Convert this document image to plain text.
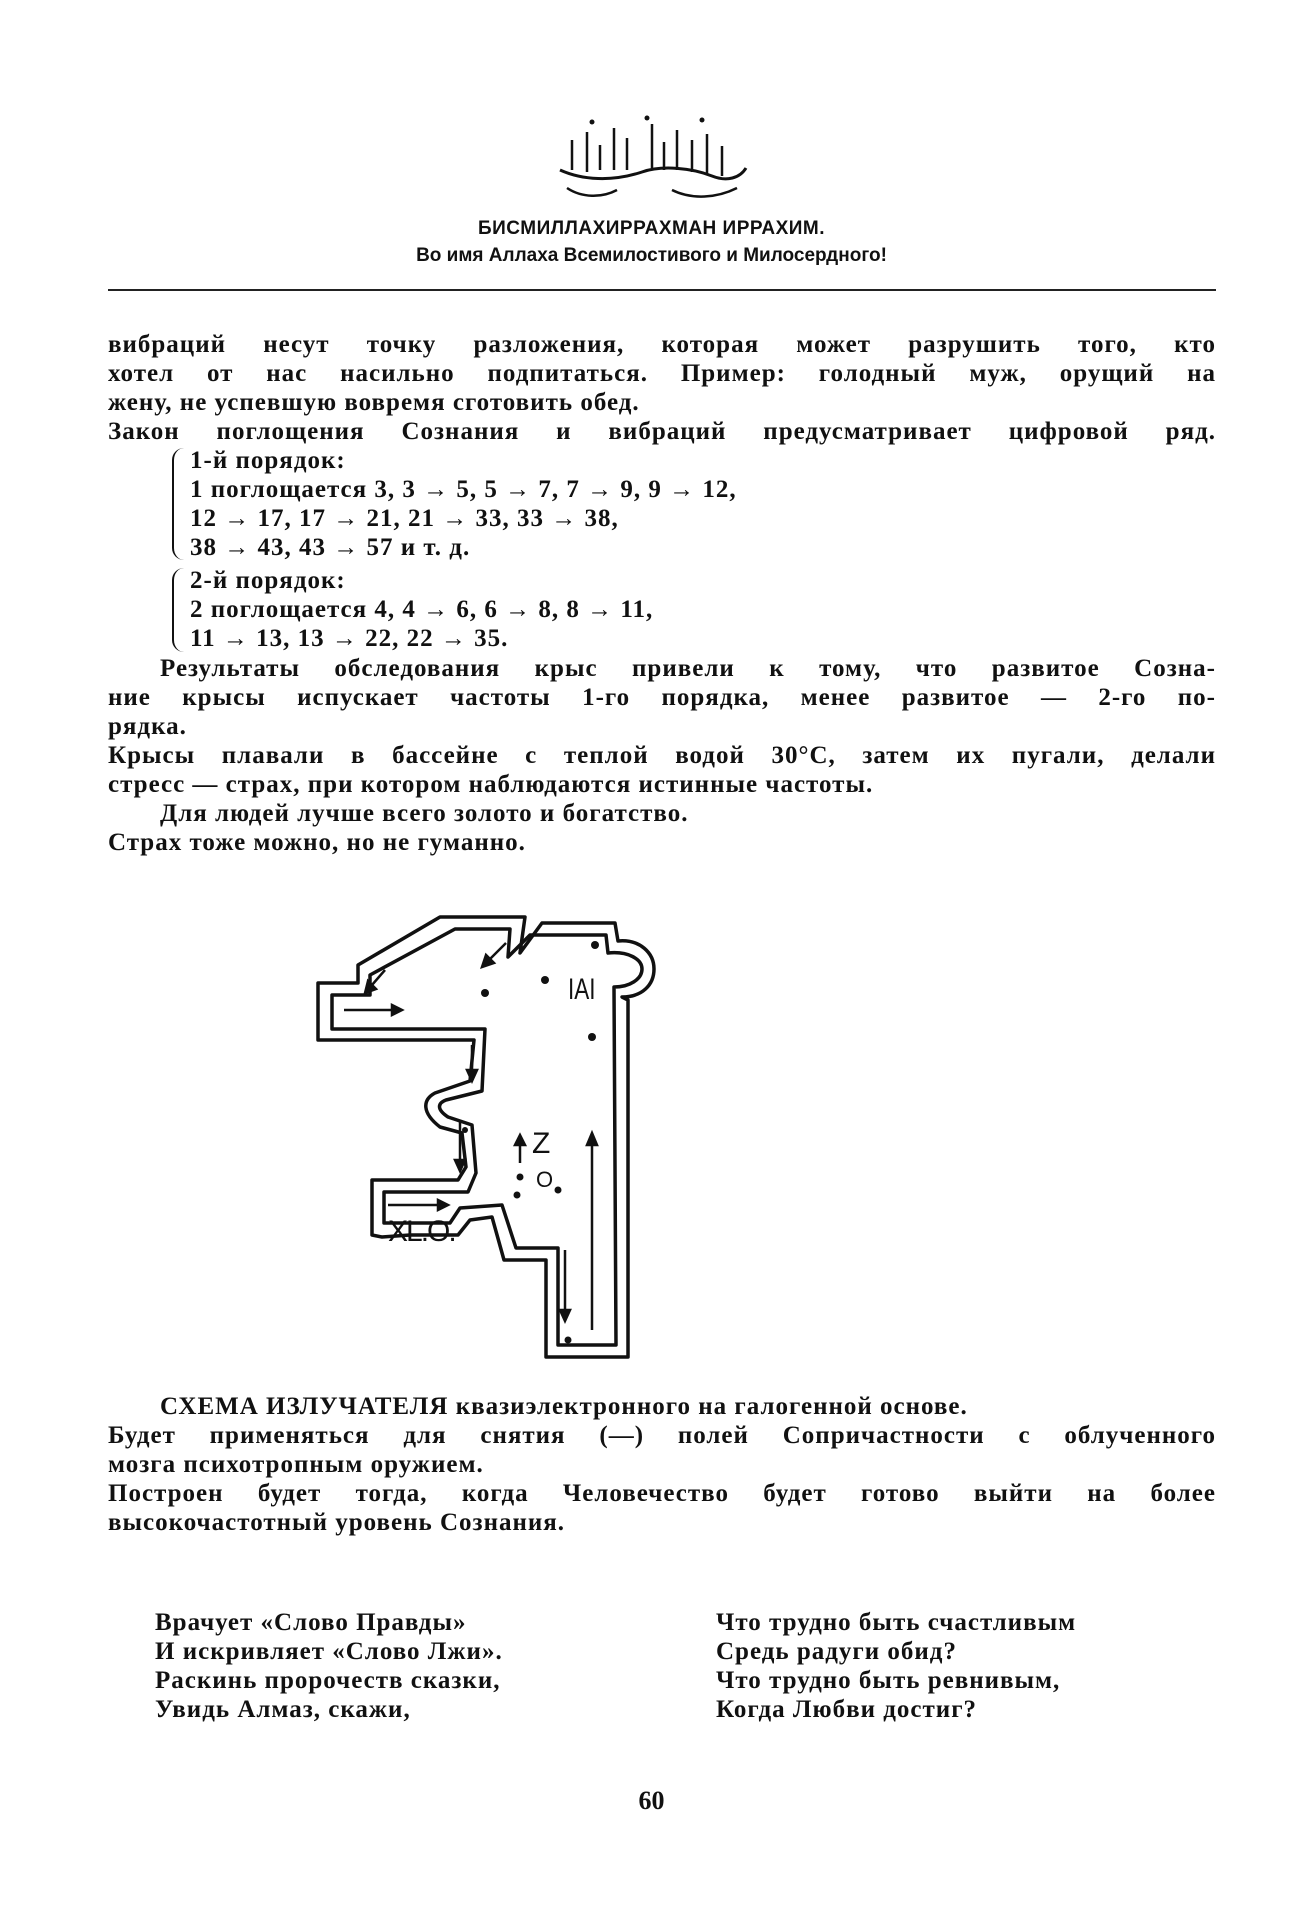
БИСМИЛЛАХИРРАХМАН ИРРАХИМ.
Во имя Аллаха Всемилостивого и Милосердного!
вибраций несут точку разложения, которая может разрушить того, кто
хотел от нас насильно подпитаться. Пример: голодный муж, орущий на
жену, не успевшую вовремя сготовить обед.
Закон поглощения Сознания и вибраций предусматривает цифровой ряд.
1-й порядок:
1 поглощается 3, 3 → 5, 5 → 7, 7 → 9, 9 → 12,
12 → 17, 17 → 21, 21 → 33, 33 → 38,
38 → 43, 43 → 57 и т. д.
2-й порядок:
2 поглощается 4, 4 → 6, 6 → 8, 8 → 11,
11 → 13, 13 → 22, 22 → 35.
Результаты обследования крыс привели к тому, что развитое Созна-
ние крысы испускает частоты 1-го порядка, менее развитое — 2-го по-
рядка.
Крысы плавали в бассейне с теплой водой 30°С, затем их пугали, делали
стресс — страх, при котором наблюдаются истинные частоты.
Для людей лучше всего золото и богатство.
Страх тоже можно, но не гуманно.
IAI
Z
O
XL.O.
СХЕМА ИЗЛУЧАТЕЛЯ квазиэлектронного на галогенной основе.
Будет применяться для снятия (—) полей Сопричастности с облученного
мозга психотропным оружием.
Построен будет тогда, когда Человечество будет готово выйти на более
высокочастотный уровень Сознания.
Врачует «Слово Правды»
И искривляет «Слово Лжи».
Раскинь пророчеств сказки,
Увидь Алмаз, скажи,
Что трудно быть счастливым
Средь радуги обид?
Что трудно быть ревнивым,
Когда Любви достиг?
60
